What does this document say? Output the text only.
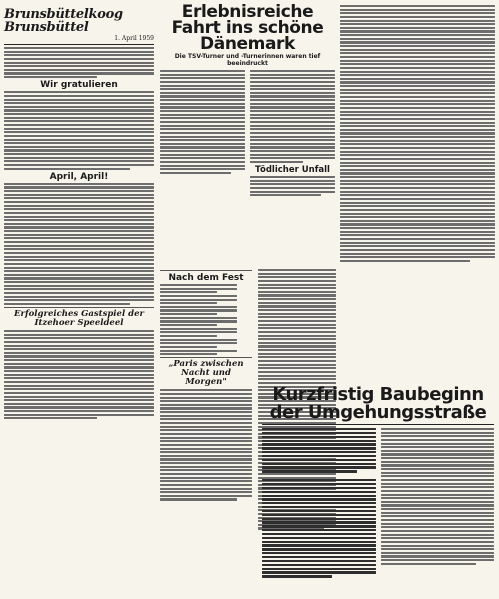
Brunsbüttelkoog
Brunsbüttel
1. April 1959
Wir gratulieren
April, April!
Erfolgreiches Gastspiel der Itzehoer Speeldeel
Erlebnisreiche Fahrt ins schöne Dänemark
Die TSV-Turner und -Turnerinnen waren tief beeindruckt
Tödlicher Unfall
Nach dem Fest
„Paris zwischen Nacht und Morgen"
Kurzfristig Baubeginn der Umgehungsstraße
